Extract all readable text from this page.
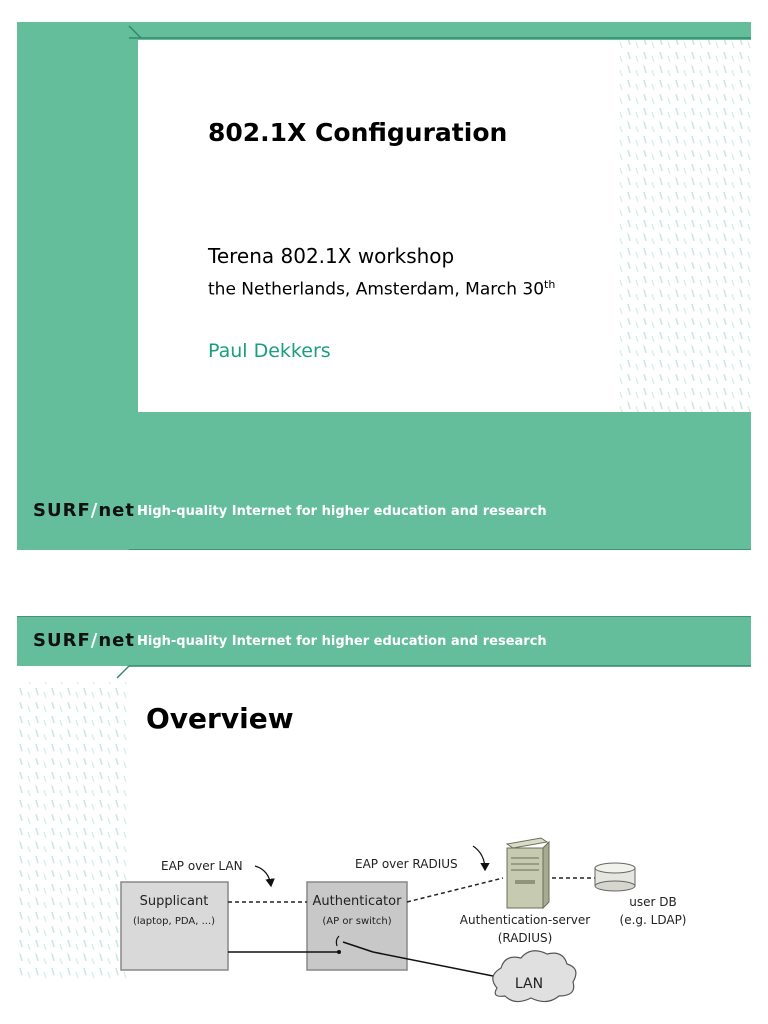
802.1X Configuration
Terena 802.1X workshop
the Netherlands, Amsterdam, March 30th
Paul Dekkers
SURF/net High-quality Internet for higher education and research
SURF/net High-quality Internet for higher education and research
Overview
Supplicant
(laptop, PDA, ...)
Authenticator
(AP or switch)
EAP over LAN	EAP over RADIUS
Authentication-server
(RADIUS)
user DB
(e.g. LDAP)
LAN
